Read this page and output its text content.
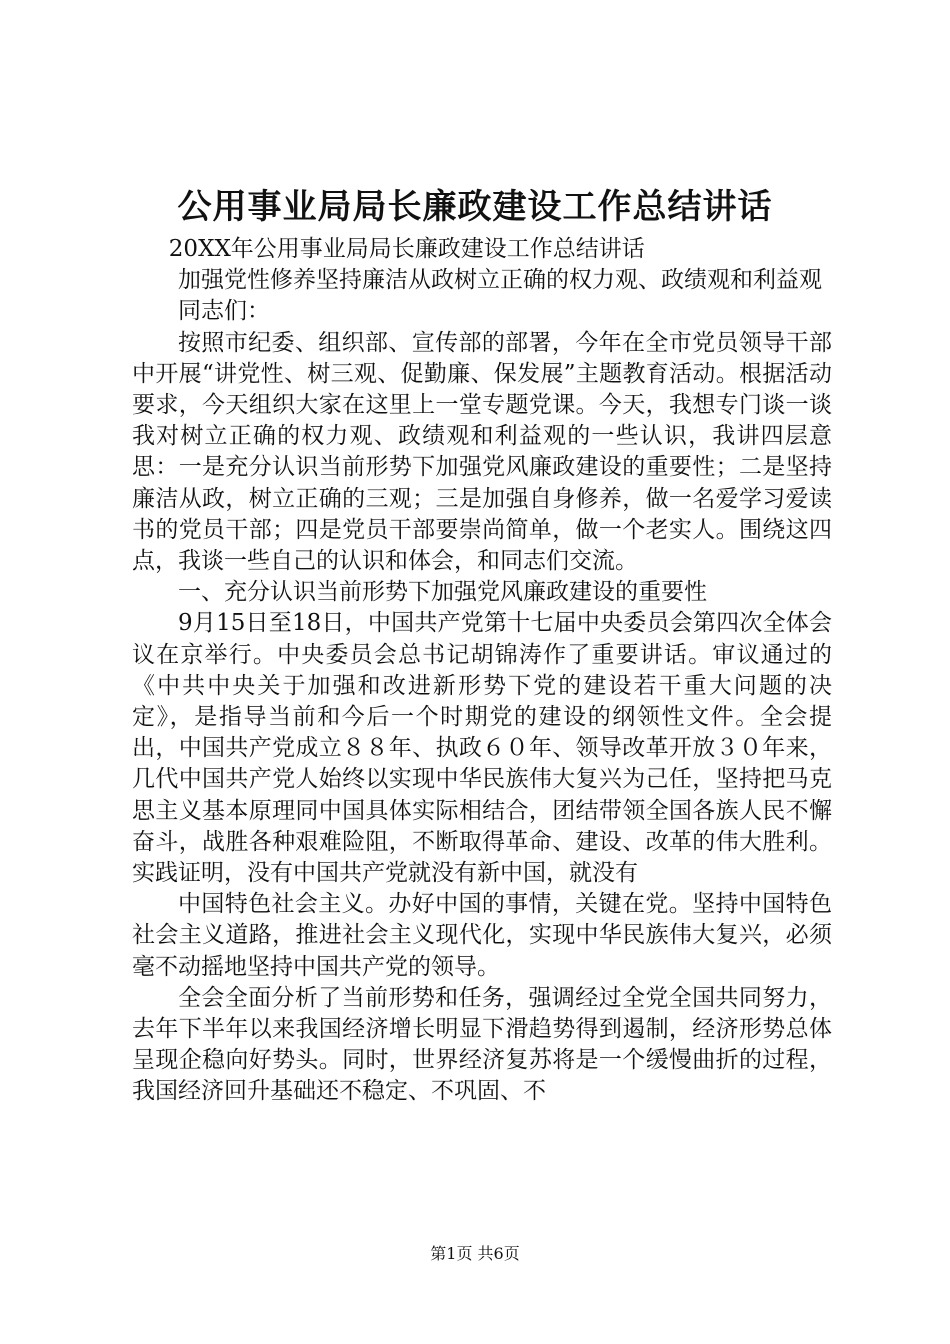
公用事业局局长廉政建设工作总结讲话

20XX年公用事业局局长廉政建设工作总结讲话

加强党性修养坚持廉洁从政树立正确的权力观、政绩观和利益观

同志们：

按照市纪委、组织部、宣传部的部署，今年在全市党员领导干部中开展“讲党性、树三观、促勤廉、保发展”主题教育活动。根据活动要求，今天组织大家在这里上一堂专题党课。今天，我想专门谈一谈我对树立正确的权力观、政绩观和利益观的一些认识，我讲四层意思：一是充分认识当前形势下加强党风廉政建设的重要性；二是坚持廉洁从政，树立正确的三观；三是加强自身修养，做一名爱学习爱读书的党员干部；四是党员干部要崇尚简单，做一个老实人。围绕这四点，我谈一些自己的认识和体会，和同志们交流。

一、充分认识当前形势下加强党风廉政建设的重要性

9月15日至18日，中国共产党第十七届中央委员会第四次全体会议在京举行。中央委员会总书记胡锦涛作了重要讲话。审议通过的《中共中央关于加强和改进新形势下党的建设若干重大问题的决定》，是指导当前和今后一个时期党的建设的纲领性文件。全会提出，中国共产党成立８８年、执政６０年、领导改革开放３０年来，几代中国共产党人始终以实现中华民族伟大复兴为己任，坚持把马克思主义基本原理同中国具体实际相结合，团结带领全国各族人民不懈奋斗，战胜各种艰难险阻，不断取得革命、建设、改革的伟大胜利。实践证明，没有中国共产党就没有新中国，就没有

中国特色社会主义。办好中国的事情，关键在党。坚持中国特色社会主义道路，推进社会主义现代化，实现中华民族伟大复兴，必须毫不动摇地坚持中国共产党的领导。

全会全面分析了当前形势和任务，强调经过全党全国共同努力，去年下半年以来我国经济增长明显下滑趋势得到遏制，经济形势总体呈现企稳向好势头。同时，世界经济复苏将是一个缓慢曲折的过程，我国经济回升基础还不稳定、不巩固、不

第1页 共6页
